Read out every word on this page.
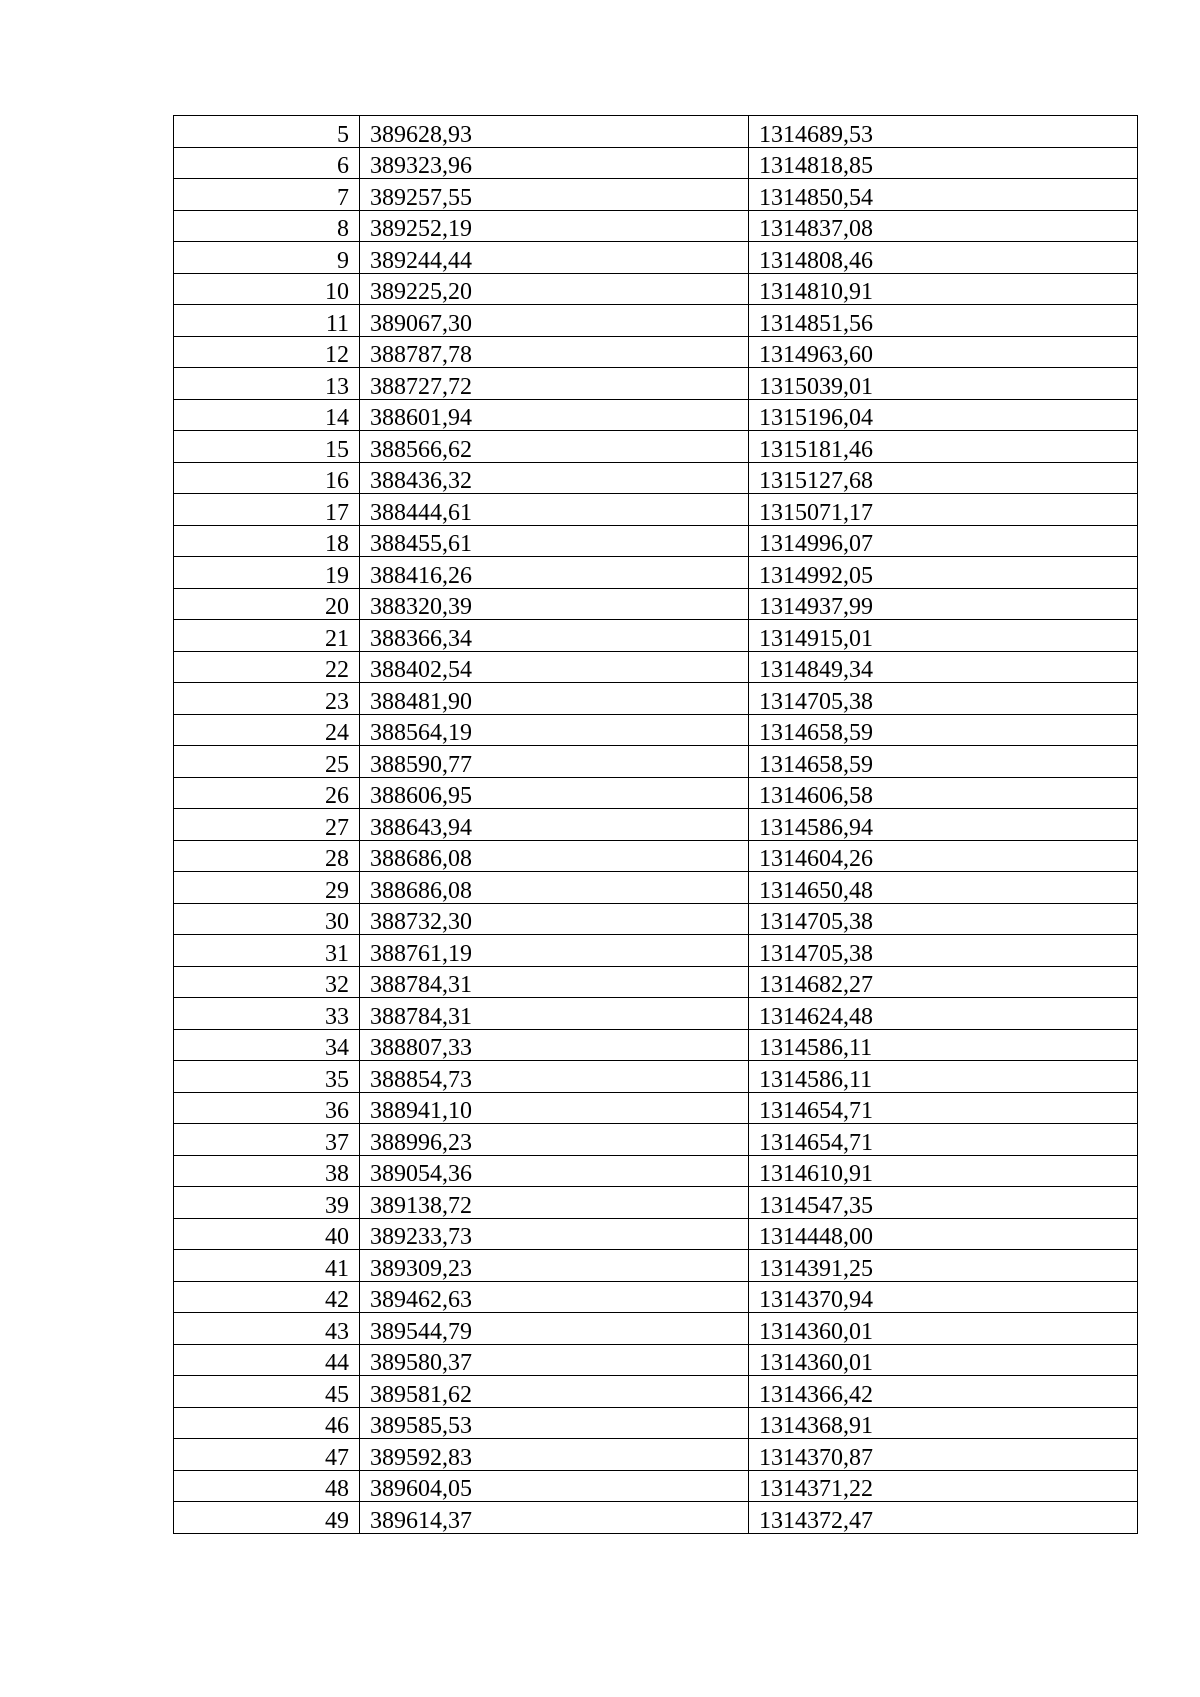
5	389628,93	1314689,53
6	389323,96	1314818,85
7	389257,55	1314850,54
8	389252,19	1314837,08
9	389244,44	1314808,46
10	389225,20	1314810,91
11	389067,30	1314851,56
12	388787,78	1314963,60
13	388727,72	1315039,01
14	388601,94	1315196,04
15	388566,62	1315181,46
16	388436,32	1315127,68
17	388444,61	1315071,17
18	388455,61	1314996,07
19	388416,26	1314992,05
20	388320,39	1314937,99
21	388366,34	1314915,01
22	388402,54	1314849,34
23	388481,90	1314705,38
24	388564,19	1314658,59
25	388590,77	1314658,59
26	388606,95	1314606,58
27	388643,94	1314586,94
28	388686,08	1314604,26
29	388686,08	1314650,48
30	388732,30	1314705,38
31	388761,19	1314705,38
32	388784,31	1314682,27
33	388784,31	1314624,48
34	388807,33	1314586,11
35	388854,73	1314586,11
36	388941,10	1314654,71
37	388996,23	1314654,71
38	389054,36	1314610,91
39	389138,72	1314547,35
40	389233,73	1314448,00
41	389309,23	1314391,25
42	389462,63	1314370,94
43	389544,79	1314360,01
44	389580,37	1314360,01
45	389581,62	1314366,42
46	389585,53	1314368,91
47	389592,83	1314370,87
48	389604,05	1314371,22
49	389614,37	1314372,47
